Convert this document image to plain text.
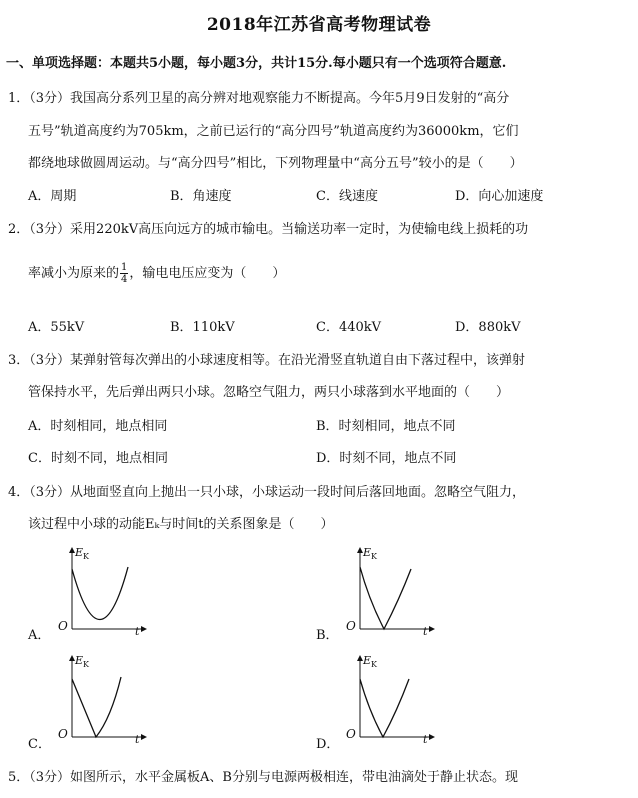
2018年江苏省高考物理试卷
一、单项选择题：本题共5小题，每小题3分，共计15分.每小题只有一个选项符合题意.
1．（3分）我国高分系列卫星的高分辨对地观察能力不断提高。今年5月9日发射的“高分
五号”轨道高度约为705km，之前已运行的“高分四号”轨道高度约为36000km，它们
都绕地球做圆周运动。与“高分四号”相比，下列物理量中“高分五号”较小的是（　　）
A．周期	B．角速度	C．线速度	D．向心加速度
2．（3分）采用220kV高压向远方的城市输电。当输送功率一定时，为使输电线上损耗的功
率减小为原来的 $\frac{1}{4}$ ，输电电压应变为（　　）
A．55kV	B．110kV	C．440kV	D．880kV
3．（3分）某弹射管每次弹出的小球速度相等。在沿光滑竖直轨道自由下落过程中，该弹射
管保持水平，先后弹出两只小球。忽略空气阻力，两只小球落到水平地面的（　　）
A．时刻相同，地点相同	B．时刻相同，地点不同
C．时刻不同，地点相同	D．时刻不同，地点不同
4．（3分）从地面竖直向上抛出一只小球，小球运动一段时间后落回地面。忽略空气阻力，
该过程中小球的动能Eₖ与时间t的关系图象是（　　）
$E_K$
O	t
A．
$E_K$
O	t
B．
$E_K$
O	t
C．
$E_K$
O	t
D．
5．（3分）如图所示，水平金属板A、B分别与电源两极相连，带电油滴处于静止状态。现
